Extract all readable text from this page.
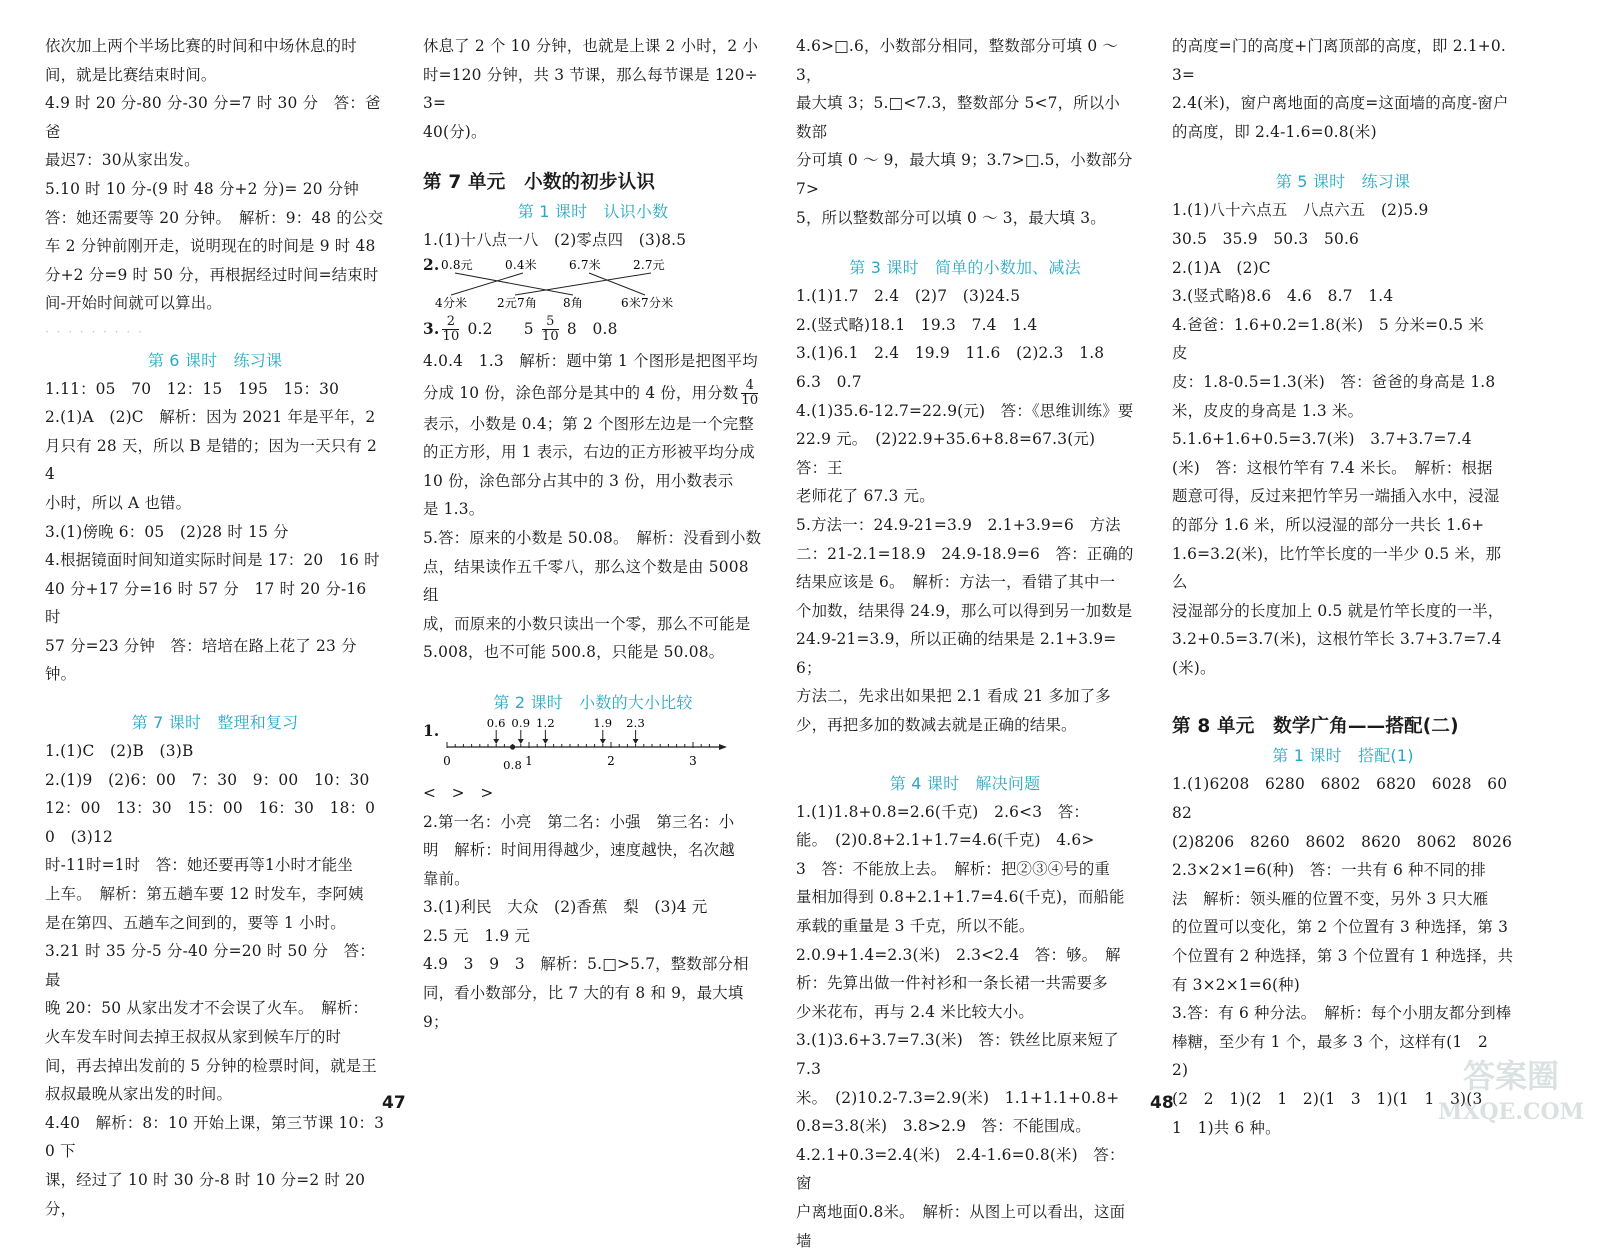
依次加上两个半场比赛的时间和中场休息的时

间，就是比赛结束时间。

4.9 时 20 分-80 分-30 分=7 时 30 分　答：爸爸

最迟7：30从家出发。

5.10 时 10 分-(9 时 48 分+2 分)= 20 分钟

答：她还需要等 20 分钟。　解析：9：48 的公交

车 2 分钟前刚开走，说明现在的时间是 9 时 48

分+2 分=9 时 50 分，再根据经过时间=结束时

间-开始时间就可以算出。

· · · · · · · · ·

第 6 课时　练习课

1.11：05　70　12：15　195　15：30

2.(1)A　(2)C　解析：因为 2021 年是平年，2

月只有 28 天，所以 B 是错的；因为一天只有 24

小时，所以 A 也错。

3.(1)傍晚 6：05　(2)28 时 15 分

4.根据镜面时间知道实际时间是 17：20　16 时

40 分+17 分=16 时 57 分　17 时 20 分-16 时

57 分=23 分钟　答：培培在路上花了 23 分钟。

第 7 课时　整理和复习

1.(1)C　(2)B　(3)B

2.(1)9　(2)6：00　7：30　9：00　10：30

12：00　13：30　15：00　16：30　18：00　(3)12

时-11时=1时　答：她还要再等1小时才能坐

上车。　解析：第五趟车要 12 时发车，李阿姨

是在第四、五趟车之间到的，要等 1 小时。

3.21 时 35 分-5 分-40 分=20 时 50 分　答：最

晚 20：50 从家出发才不会误了火车。　解析：

火车发车时间去掉王叔叔从家到候车厅的时

间，再去掉出发前的 5 分钟的检票时间，就是王

叔叔最晚从家出发的时间。

4.40　解析：8：10 开始上课，第三节课 10：30 下

课，经过了 10 时 30 分-8 时 10 分=2 时 20 分，

休息了 2 个 10 分钟，也就是上课 2 小时，2 小

时=120 分钟，共 3 节课，那么每节课是 120÷3=

40(分)。

第 7 单元　小数的初步认识

第 1 课时　认识小数

1.(1)十八点一八　(2)零点四　(3)8.5

2. 0.8元	0.4米	6.7米	2.7元
4分米 2元7角 8角	6米7分米

3. $\frac{2}{10} 0.2$　　$5 \frac{5}{10} 8$　0.8

4.0.4　1.3　解析：题中第 1 个图形是把图平均

分成 10 份，涂色部分是其中的 4 份，用分数 $\frac{4}{10}$

表示，小数是 0.4；第 2 个图形左边是一个完整

的正方形，用 1 表示，右边的正方形被平均分成

10 份，涂色部分占其中的 3 份，用小数表示

是 1.3。

5.答：原来的小数是 50.08。　解析：没看到小数

点，结果读作五千零八，那么这个数是由 5008 组

成，而原来的小数只读出一个零，那么不可能是

5.008，也不可能 500.8，只能是 50.08。

第 2 课时　小数的大小比较

1.
0	1	2	3
0.6 0.9 1.2	1.9 2.3
0.8

<　>　>

2.第一名：小亮　第二名：小强　第三名：小

明　解析：时间用得越少，速度越快，名次越

靠前。

3.(1)利民　大众　(2)香蕉　梨　(3)4 元

2.5 元　1.9 元

4.9　3　9　3　解析：5.□>5.7，整数部分相

同，看小数部分，比 7 大的有 8 和 9，最大填 9；

47

4.6>□.6，小数部分相同，整数部分可填 0 ～ 3，

最大填 3；5.□<7.3，整数部分 5<7，所以小数部

分可填 0 ～ 9，最大填 9；3.7>□.5，小数部分 7>

5，所以整数部分可以填 0 ～ 3，最大填 3。

第 3 课时　简单的小数加、减法

1.(1)1.7　2.4　(2)7　(3)24.5

2.(竖式略)18.1　19.3　7.4　1.4

3.(1)6.1　2.4　19.9　11.6　(2)2.3　1.8

6.3　0.7

4.(1)35.6-12.7=22.9(元)　答：《思维训练》要

22.9 元。　(2)22.9+35.6+8.8=67.3(元)　答：王

老师花了 67.3 元。

5.方法一：24.9-21=3.9　2.1+3.9=6　方法

二：21-2.1=18.9　24.9-18.9=6　答：正确的

结果应该是 6。　解析：方法一，看错了其中一

个加数，结果得 24.9，那么可以得到另一加数是

24.9-21=3.9，所以正确的结果是 2.1+3.9=6；

方法二，先求出如果把 2.1 看成 21 多加了多

少，再把多加的数减去就是正确的结果。

第 4 课时　解决问题

1.(1)1.8+0.8=2.6(千克)　2.6<3　答：

能。　(2)0.8+2.1+1.7=4.6(千克)　4.6>

3　答：不能放上去。　解析：把②③④号的重

量相加得到 0.8+2.1+1.7=4.6(千克)，而船能

承载的重量是 3 千克，所以不能。

2.0.9+1.4=2.3(米)　2.3<2.4　答：够。　解

析：先算出做一件衬衫和一条长裙一共需要多

少米花布，再与 2.4 米比较大小。

3.(1)3.6+3.7=7.3(米)　答：铁丝比原来短了 7.3

米。　(2)10.2-7.3=2.9(米)　1.1+1.1+0.8+

0.8=3.8(米)　3.8>2.9　答：不能围成。

4.2.1+0.3=2.4(米)　2.4-1.6=0.8(米)　答：窗

户离地面0.8米。　解析：从图上可以看出，这面墙

的高度=门的高度+门离顶部的高度，即 2.1+0.3=

2.4(米)，窗户离地面的高度=这面墙的高度-窗户

的高度，即 2.4-1.6=0.8(米)

第 5 课时　练习课

1.(1)八十六点五　八点六五　(2)5.9

30.5　35.9　50.3　50.6

2.(1)A　(2)C

3.(竖式略)8.6　4.6　8.7　1.4

4.爸爸：1.6+0.2=1.8(米)　5 分米=0.5 米　皮

皮：1.8-0.5=1.3(米)　答：爸爸的身高是 1.8

米，皮皮的身高是 1.3 米。

5.1.6+1.6+0.5=3.7(米)　3.7+3.7=7.4

(米)　答：这根竹竿有 7.4 米长。　解析：根据

题意可得，反过来把竹竿另一端插入水中，浸湿

的部分 1.6 米，所以浸湿的部分一共长 1.6+

1.6=3.2(米)，比竹竿长度的一半少 0.5 米，那么

浸湿部分的长度加上 0.5 就是竹竿长度的一半，

3.2+0.5=3.7(米)，这根竹竿长 3.7+3.7=7.4

(米)。

第 8 单元　数学广角——搭配(二)

第 1 课时　搭配(1)

1.(1)6208　6280　6802　6820　6028　6082

(2)8206　8260　8602　8620　8062　8026

2.3×2×1=6(种)　答：一共有 6 种不同的排

法　解析：领头雁的位置不变，另外 3 只大雁

的位置可以变化，第 2 个位置有 3 种选择，第 3

个位置有 2 种选择，第 3 个位置有 1 种选择，共

有 3×2×1=6(种)

3.答：有 6 种分法。　解析：每个小朋友都分到棒

棒糖，至少有 1 个，最多 3 个，这样有(1　2　2)

(2　2　1)(2　1　2)(1　3　1)(1　1　3)(3

1　1)共 6 种。

48
答案圈
MXQE.COM
